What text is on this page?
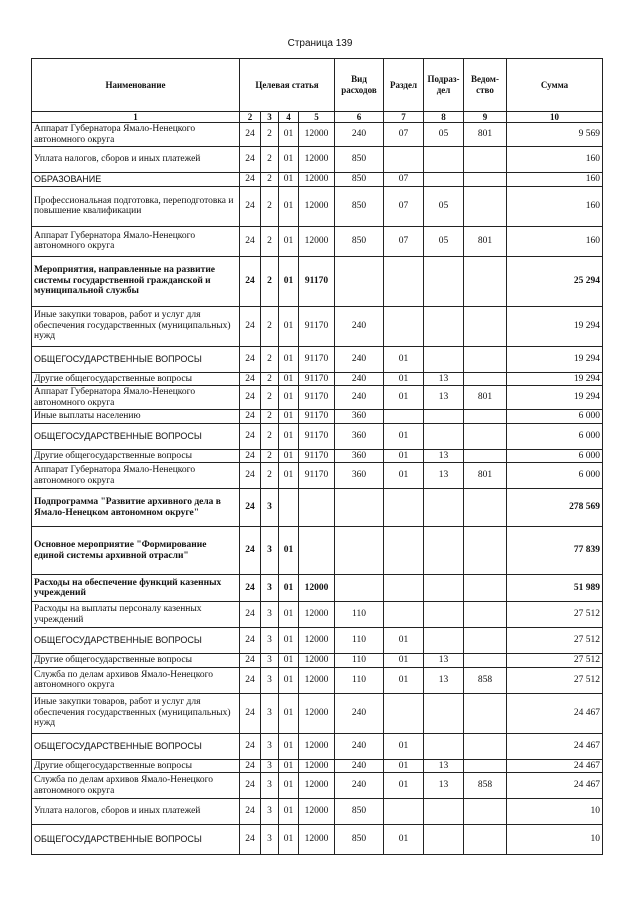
Страница 139
Наименование	Целевая статья				Вид расходов	Раздел	Подраз-дел	Ведом-ство	Сумма
1	2	3	4	5	6	7	8	9	10
Аппарат Губернатора Ямало-Ненецкого автономного округа	24	2	01	12000	240	07	05	801	9 569
Уплата налогов, сборов и иных платежей	24	2	01	12000	850				160
ОБРАЗОВАНИЕ	24	2	01	12000	850	07			160
Профессиональная подготовка, переподготовка и повышение квалификации	24	2	01	12000	850	07	05		160
Аппарат Губернатора Ямало-Ненецкого автономного округа	24	2	01	12000	850	07	05	801	160
Мероприятия, направленные на развитие системы государственной гражданской и муниципальной службы	24	2	01	91170					25 294
Иные закупки товаров, работ и услуг для обеспечения государственных (муниципальных) нужд	24	2	01	91170	240				19 294
ОБЩЕГОСУДАРСТВЕННЫЕ ВОПРОСЫ	24	2	01	91170	240	01			19 294
Другие общегосударственные вопросы	24	2	01	91170	240	01	13		19 294
Аппарат Губернатора Ямало-Ненецкого автономного округа	24	2	01	91170	240	01	13	801	19 294
Иные выплаты населению	24	2	01	91170	360				6 000
ОБЩЕГОСУДАРСТВЕННЫЕ ВОПРОСЫ	24	2	01	91170	360	01			6 000
Другие общегосударственные вопросы	24	2	01	91170	360	01	13		6 000
Аппарат Губернатора Ямало-Ненецкого автономного округа	24	2	01	91170	360	01	13	801	6 000
Подпрограмма "Развитие архивного дела в Ямало-Ненецком автономном округе"	24	3							278 569
Основное мероприятие "Формирование единой системы архивной отрасли"	24	3	01						77 839
Расходы на обеспечение функций казенных учреждений	24	3	01	12000					51 989
Расходы на выплаты персоналу казенных учреждений	24	3	01	12000	110				27 512
ОБЩЕГОСУДАРСТВЕННЫЕ ВОПРОСЫ	24	3	01	12000	110	01			27 512
Другие общегосударственные вопросы	24	3	01	12000	110	01	13		27 512
Служба по делам архивов Ямало-Ненецкого автономного округа	24	3	01	12000	110	01	13	858	27 512
Иные закупки товаров, работ и услуг для обеспечения государственных (муниципальных) нужд	24	3	01	12000	240				24 467
ОБЩЕГОСУДАРСТВЕННЫЕ ВОПРОСЫ	24	3	01	12000	240	01			24 467
Другие общегосударственные вопросы	24	3	01	12000	240	01	13		24 467
Служба по делам архивов Ямало-Ненецкого автономного округа	24	3	01	12000	240	01	13	858	24 467
Уплата налогов, сборов и иных платежей	24	3	01	12000	850				10
ОБЩЕГОСУДАРСТВЕННЫЕ ВОПРОСЫ	24	3	01	12000	850	01			10
